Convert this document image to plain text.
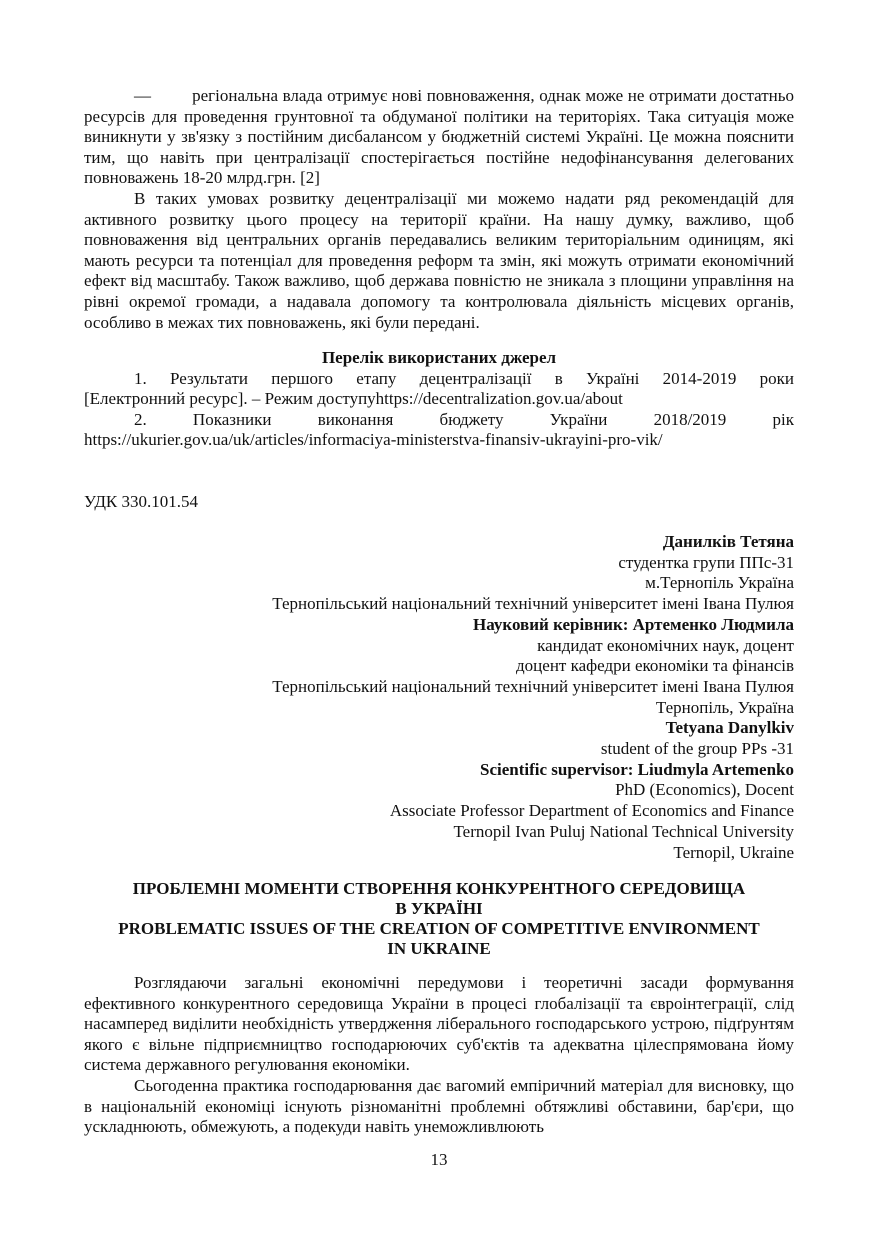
—         регіональна влада отримує нові повноваження, однак може не отримати достатньо ресурсів для проведення грунтовної та обдуманої політики на територіях. Така ситуація може виникнути у зв'язку з постійним дисбалансом у бюджетній системі Україні. Це можна пояснити тим, що навіть при централізації спостерігається постійне недофінансування делегованих повноважень 18-20 млрд.грн. [2]

В таких умовах розвитку децентралізації ми можемо надати ряд рекомендацій для активного розвитку цього процесу на території країни. На нашу думку, важливо, щоб повноваження від центральних органів передавались великим територіальним одиницям, які мають ресурси та потенціал для проведення реформ та змін, які можуть отримати економічний ефект від масштабу. Також важливо, щоб держава повністю не зникала з площини управління на рівні окремої громади, а надавала допомогу та контролювала діяльність місцевих органів, особливо в межах тих повноважень, які були передані.

Перелік використаних джерел
1. Результати першого етапу децентралізації в Україні 2014-2019 роки
[Електронний ресурс]. – Режим доступуhttps://decentralization.gov.ua/about
2.	Показники	виконання	бюджету	України	2018/2019	рік
https://ukurier.gov.ua/uk/articles/informaciya-ministerstva-finansiv-ukrayini-pro-vik/
УДК 330.101.54
Данилків Тетяна
студентка групи ППс-31
м.Тернопіль Україна
Тернопільський національний технічний університет імені Івана Пулюя
Науковий керівник: Артеменко Людмила
кандидат економічних наук, доцент
доцент кафедри економіки та фінансів
Тернопільський національний технічний університет імені Івана Пулюя
Тернопіль, Україна
Tetyana Danylkiv
student of the group PPs -31
Scientific supervisor: Liudmyla Artemenko
PhD (Economics), Docent
Associate Professor Department of Economics and Finance
Ternopil Ivan Puluj National Technical University
Ternopil, Ukraine
ПРОБЛЕМНІ МОМЕНТИ СТВОРЕННЯ КОНКУРЕНТНОГО СЕРЕДОВИЩА
В УКРАЇНІ
PROBLEMATIC ISSUES OF THE CREATION OF COMPETITIVE ENVIRONMENT
IN UKRAINE

Розглядаючи загальні економічні передумови і теоретичні засади формування ефективного конкурентного середовища України в процесі глобалізації та євроінтеграції, слід насамперед виділити необхідність утвердження ліберального господарського устрою, підґрунтям якого є вільне підприємництво господарюючих суб'єктів та адекватна цілеспрямована йому система державного регулювання економіки.

Сьогоденна практика господарювання дає вагомий емпіричний матеріал для висновку, що в національній економіці існують різноманітні проблемні обтяжливі обставини, бар'єри, що ускладнюють, обмежують, а подекуди навіть унеможливлюють

13
